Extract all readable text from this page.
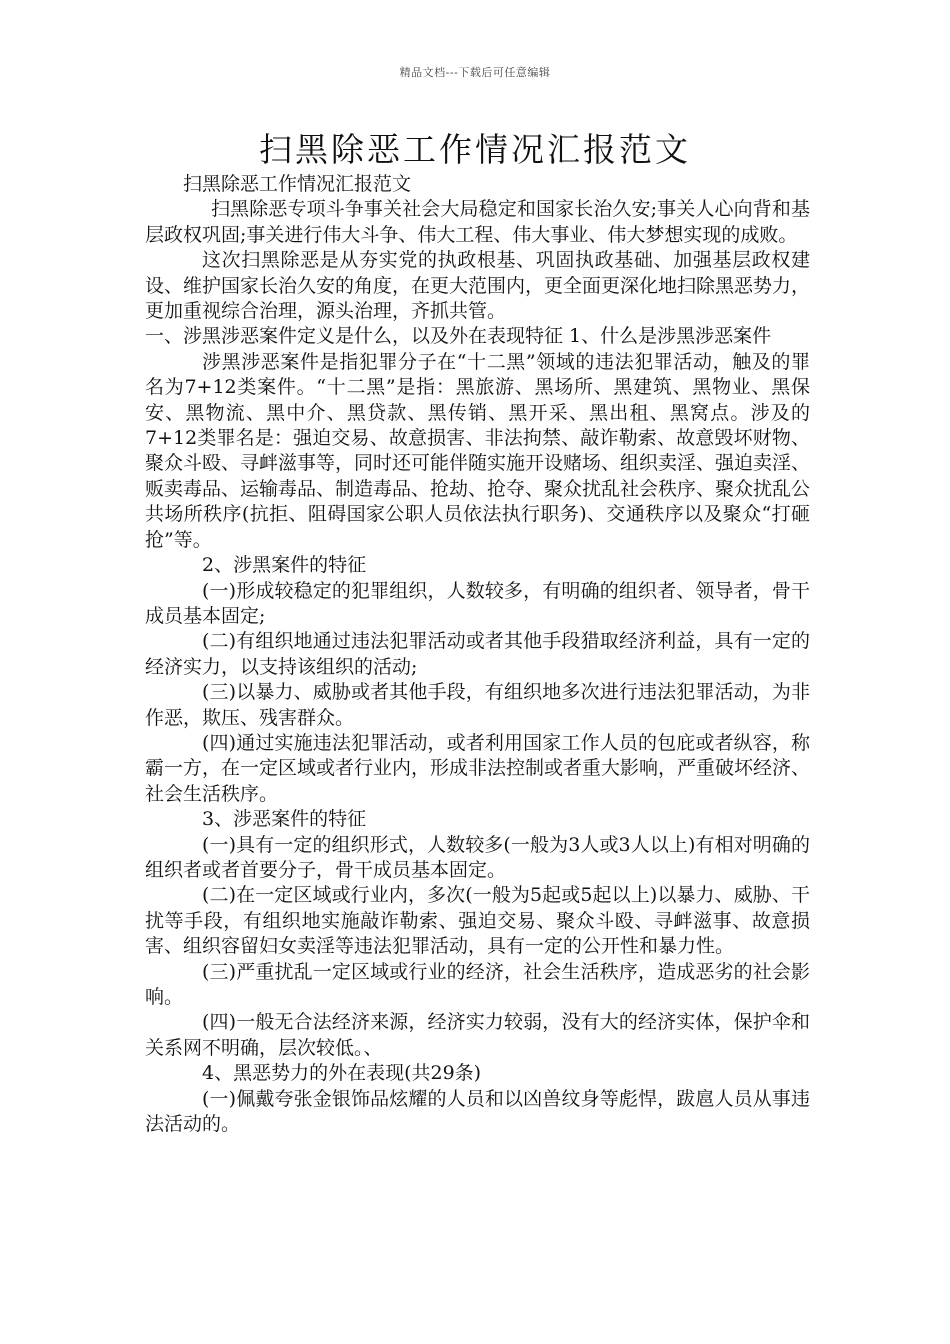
精品文档---下载后可任意编辑
扫黑除恶工作情况汇报范文

扫黑除恶工作情况汇报范文

扫黑除恶专项斗争事关社会大局稳定和国家长治久安;事关人心向背和基层政权巩固;事关进行伟大斗争、伟大工程、伟大事业、伟大梦想实现的成败。

这次扫黑除恶是从夯实党的执政根基、巩固执政基础、加强基层政权建设、维护国家长治久安的角度，在更大范围内，更全面更深化地扫除黑恶势力，更加重视综合治理，源头治理，齐抓共管。

一、涉黑涉恶案件定义是什么，以及外在表现特征 1、什么是涉黑涉恶案件

涉黑涉恶案件是指犯罪分子在“十二黑”领域的违法犯罪活动，触及的罪名为7+12类案件。“十二黑”是指：黑旅游、黑场所、黑建筑、黑物业、黑保安、黑物流、黑中介、黑贷款、黑传销、黑开采、黑出租、黑窝点。涉及的7+12类罪名是：强迫交易、故意损害、非法拘禁、敲诈勒索、故意毁坏财物、聚众斗殴、寻衅滋事等，同时还可能伴随实施开设赌场、组织卖淫、强迫卖淫、贩卖毒品、运输毒品、制造毒品、抢劫、抢夺、聚众扰乱社会秩序、聚众扰乱公共场所秩序(抗拒、阻碍国家公职人员依法执行职务)、交通秩序以及聚众“打砸抢”等。

2、涉黑案件的特征

(一)形成较稳定的犯罪组织，人数较多，有明确的组织者、领导者，骨干成员基本固定;

(二)有组织地通过违法犯罪活动或者其他手段猎取经济利益，具有一定的经济实力，以支持该组织的活动;

(三)以暴力、威胁或者其他手段，有组织地多次进行违法犯罪活动，为非作恶，欺压、残害群众。

(四)通过实施违法犯罪活动，或者利用国家工作人员的包庇或者纵容，称霸一方，在一定区域或者行业内，形成非法控制或者重大影响，严重破坏经济、社会生活秩序。

3、涉恶案件的特征

(一)具有一定的组织形式，人数较多(一般为3人或3人以上)有相对明确的组织者或者首要分子，骨干成员基本固定。

(二)在一定区域或行业内，多次(一般为5起或5起以上)以暴力、威胁、干扰等手段，有组织地实施敲诈勒索、强迫交易、聚众斗殴、寻衅滋事、故意损害、组织容留妇女卖淫等违法犯罪活动，具有一定的公开性和暴力性。

(三)严重扰乱一定区域或行业的经济，社会生活秩序，造成恶劣的社会影响。

(四)一般无合法经济来源，经济实力较弱，没有大的经济实体，保护伞和关系网不明确，层次较低。、

4、黑恶势力的外在表现(共29条)

(一)佩戴夸张金银饰品炫耀的人员和以凶兽纹身等彪悍，跋扈人员从事违法活动的。
